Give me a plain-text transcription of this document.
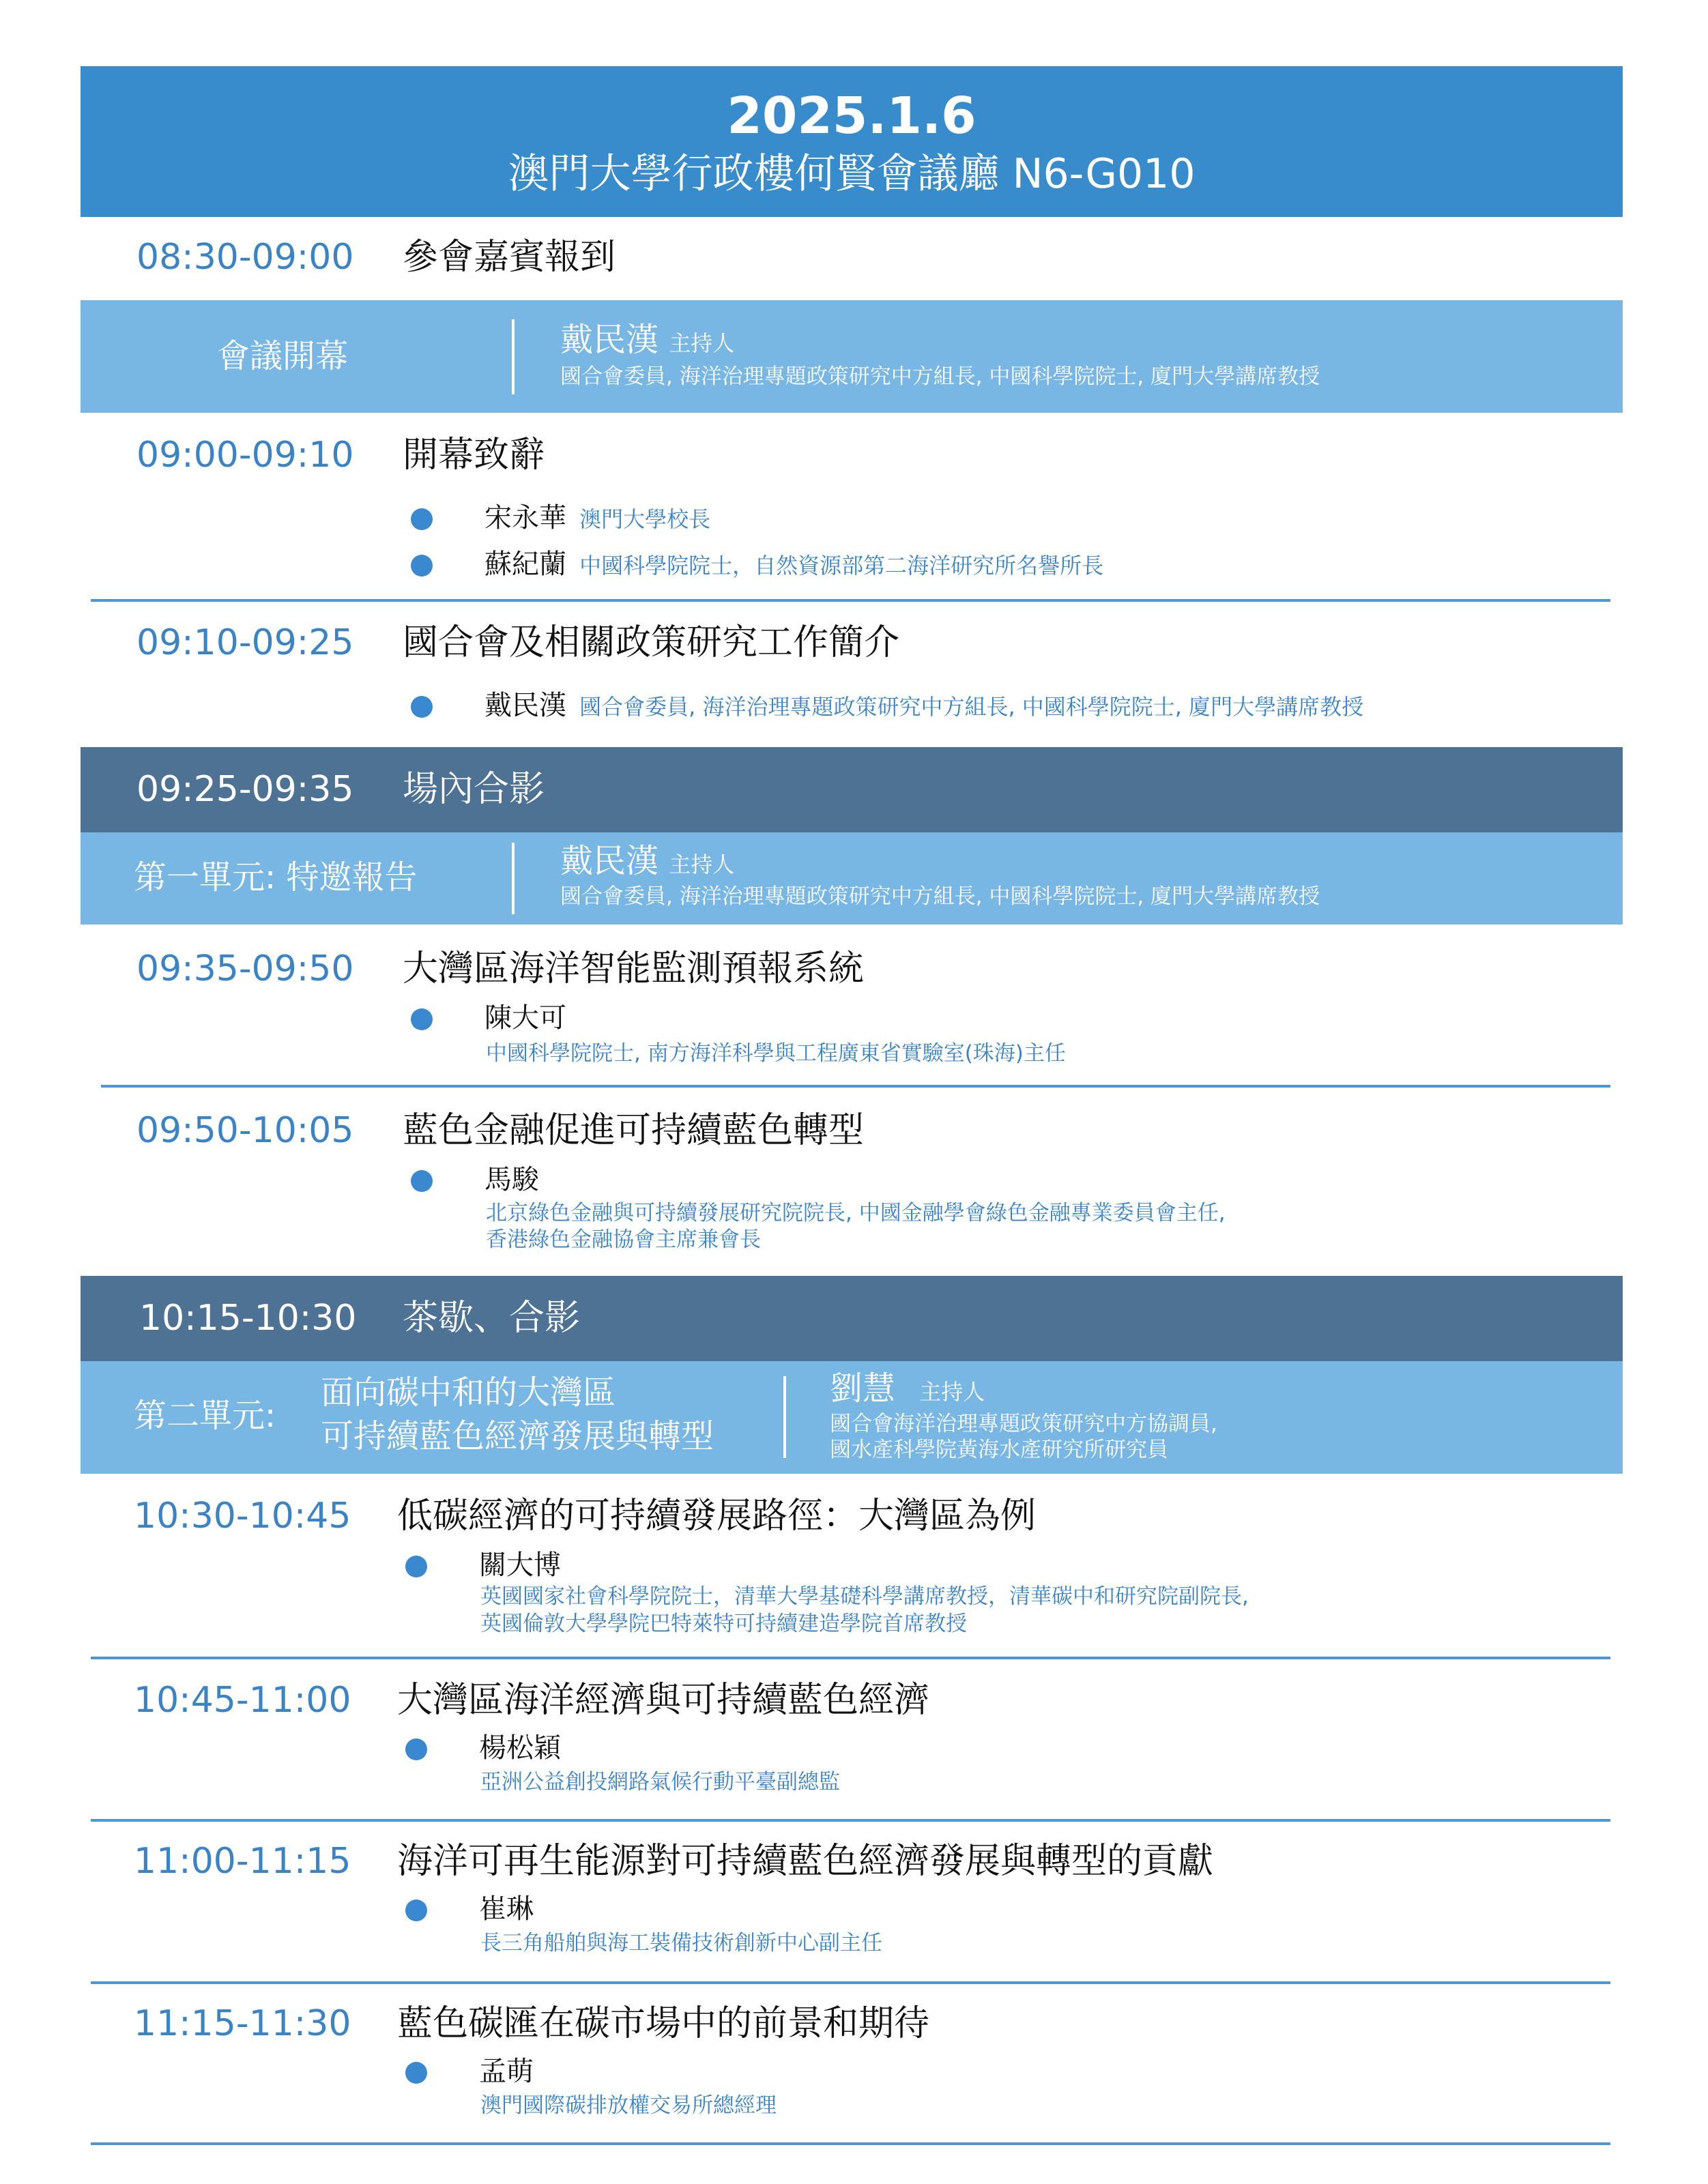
2025.1.6
澳門大學行政樓何賢會議廳 N6-G010
08:30-09:00 參會嘉賓報到
會議開幕	戴民漢 主持人
國合會委員, 海洋治理專題政策研究中方組長, 中國科學院院士, 廈門大學講席教授
09:00-09:10 開幕致辭
宋永華 澳門大學校長
蘇紀蘭 中國科學院院士，自然資源部第二海洋研究所名譽所長
09:10-09:25 國合會及相關政策研究工作簡介
戴民漢 國合會委員, 海洋治理專題政策研究中方組長, 中國科學院院士, 廈門大學講席教授
09:25-09:35 場內合影
第一單元: 特邀報告	戴民漢 主持人
國合會委員, 海洋治理專題政策研究中方組長, 中國科學院院士, 廈門大學講席教授
09:35-09:50 大灣區海洋智能監測預報系統
陳大可
中國科學院院士, 南方海洋科學與工程廣東省實驗室(珠海)主任
09:50-10:05 藍色金融促進可持續藍色轉型
馬駿
北京綠色金融與可持續發展研究院院長, 中國金融學會綠色金融專業委員會主任,
香港綠色金融協會主席兼會長
10:15-10:30 茶歇、合影
第二單元:
面向碳中和的大灣區
可持續藍色經濟發展與轉型
劉慧 主持人
國合會海洋治理專題政策研究中方協調員,
國水產科學院黃海水產研究所研究員
10:30-10:45 低碳經濟的可持續發展路徑：大灣區為例
關大博
英國國家社會科學院院士，清華大學基礎科學講席教授，清華碳中和研究院副院長,
英國倫敦大學學院巴特萊特可持續建造學院首席教授
10:45-11:00 大灣區海洋經濟與可持續藍色經濟
楊松穎
亞洲公益創投網路氣候行動平臺副總監
11:00-11:15 海洋可再生能源對可持續藍色經濟發展與轉型的貢獻
崔琳
長三角船舶與海工裝備技術創新中心副主任
11:15-11:30 藍色碳匯在碳市場中的前景和期待
孟萌
澳門國際碳排放權交易所總經理
